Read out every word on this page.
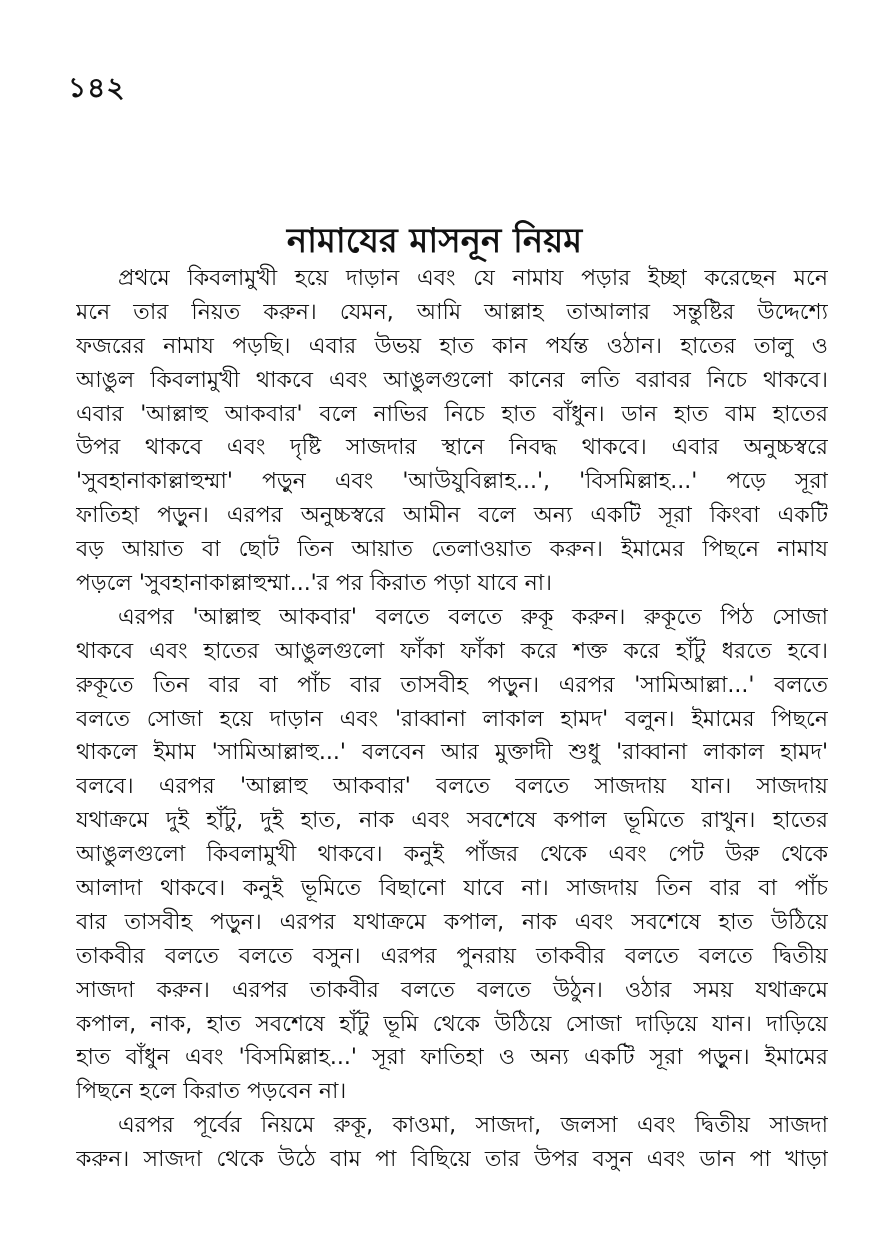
১৪২
নামাযের মাসনূন নিয়ম
প্রথমে কিবলামুখী হয়ে দাড়ান এবং যে নামায পড়ার ইচ্ছা করেছেন মনে
মনে তার নিয়ত করুন। যেমন, আমি আল্লাহ তাআলার সন্তুষ্টির উদ্দেশ্যে
ফজরের নামায পড়ছি। এবার উভয় হাত কান পর্যন্ত ওঠান। হাতের তালু ও
আঙুল কিবলামুখী থাকবে এবং আঙুলগুলো কানের লতি বরাবর নিচে থাকবে।
এবার 'আল্লাহু আকবার' বলে নাভির নিচে হাত বাঁধুন। ডান হাত বাম হাতের
উপর থাকবে এবং দৃষ্টি সাজদার স্থানে নিবদ্ধ থাকবে। এবার অনুচ্চস্বরে
'সুবহানাকাল্লাহুম্মা' পড়ুন এবং 'আউযুবিল্লাহ...', 'বিসমিল্লাহ...' পড়ে সূরা
ফাতিহা পড়ুন। এরপর অনুচ্চস্বরে আমীন বলে অন্য একটি সূরা কিংবা একটি
বড় আয়াত বা ছোট তিন আয়াত তেলাওয়াত করুন। ইমামের পিছনে নামায
পড়লে 'সুবহানাকাল্লাহুম্মা...'র পর কিরাত পড়া যাবে না।
এরপর 'আল্লাহু আকবার' বলতে বলতে রুকূ করুন। রুকূতে পিঠ সোজা
থাকবে এবং হাতের আঙুলগুলো ফাঁকা ফাঁকা করে শক্ত করে হাঁটু ধরতে হবে।
রুকূতে তিন বার বা পাঁচ বার তাসবীহ পড়ুন। এরপর 'সামিআল্লা...' বলতে
বলতে সোজা হয়ে দাড়ান এবং 'রাব্বানা লাকাল হামদ' বলুন। ইমামের পিছনে
থাকলে ইমাম 'সামিআল্লাহু...' বলবেন আর মুক্তাদী শুধু 'রাব্বানা লাকাল হামদ'
বলবে। এরপর 'আল্লাহু আকবার' বলতে বলতে সাজদায় যান। সাজদায়
যথাক্রমে দুই হাঁটু, দুই হাত, নাক এবং সবশেষে কপাল ভূমিতে রাখুন। হাতের
আঙুলগুলো কিবলামুখী থাকবে। কনুই পাঁজর থেকে এবং পেট উরু থেকে
আলাদা থাকবে। কনুই ভূমিতে বিছানো যাবে না। সাজদায় তিন বার বা পাঁচ
বার তাসবীহ পড়ুন। এরপর যথাক্রমে কপাল, নাক এবং সবশেষে হাত উঠিয়ে
তাকবীর বলতে বলতে বসুন। এরপর পুনরায় তাকবীর বলতে বলতে দ্বিতীয়
সাজদা করুন। এরপর তাকবীর বলতে বলতে উঠুন। ওঠার সময় যথাক্রমে
কপাল, নাক, হাত সবশেষে হাঁটু ভূমি থেকে উঠিয়ে সোজা দাড়িয়ে যান। দাড়িয়ে
হাত বাঁধুন এবং 'বিসমিল্লাহ...' সূরা ফাতিহা ও অন্য একটি সূরা পড়ুন। ইমামের
পিছনে হলে কিরাত পড়বেন না।
এরপর পূর্বের নিয়মে রুকূ, কাওমা, সাজদা, জলসা এবং দ্বিতীয় সাজদা
করুন। সাজদা থেকে উঠে বাম পা বিছিয়ে তার উপর বসুন এবং ডান পা খাড়া
